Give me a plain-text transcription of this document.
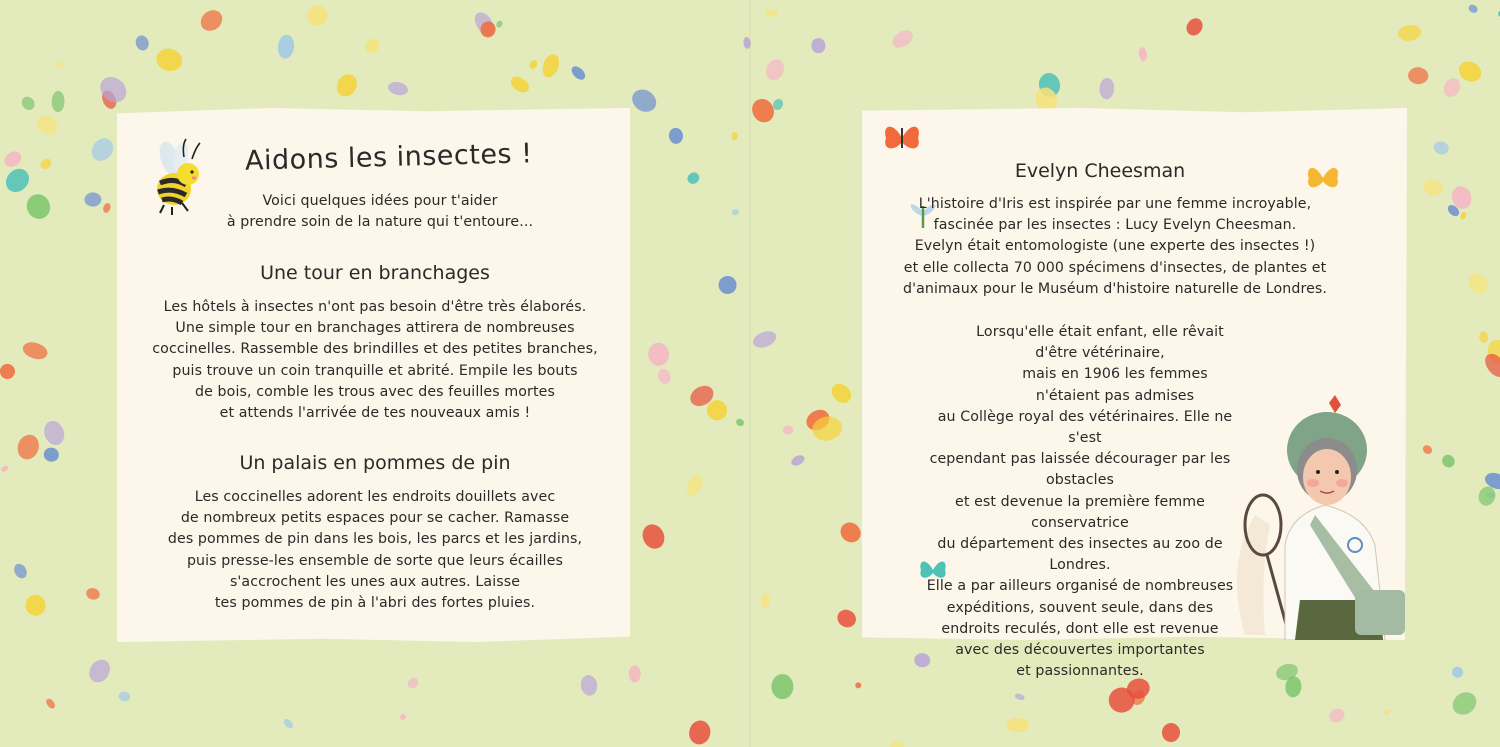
Aidons les insectes !
Voici quelques idées pour t'aider
à prendre soin de la nature qui t'entoure...
Une tour en branchages
Les hôtels à insectes n'ont pas besoin d'être très élaborés.
Une simple tour en branchages attirera de nombreuses
coccinelles. Rassemble des brindilles et des petites branches,
puis trouve un coin tranquille et abrité. Empile les bouts
de bois, comble les trous avec des feuilles mortes
et attends l'arrivée de tes nouveaux amis !
Un palais en pommes de pin
Les coccinelles adorent les endroits douillets avec
de nombreux petits espaces pour se cacher. Ramasse
des pommes de pin dans les bois, les parcs et les jardins,
puis presse-les ensemble de sorte que leurs écailles
s'accrochent les unes aux autres. Laisse
tes pommes de pin à l'abri des fortes pluies.
Evelyn Cheesman
L'histoire d'Iris est inspirée par une femme incroyable,
fascinée par les insectes : Lucy Evelyn Cheesman.
Evelyn était entomologiste (une experte des insectes !)
et elle collecta 70 000 spécimens d'insectes, de plantes et
d'animaux pour le Muséum d'histoire naturelle de Londres.
Lorsqu'elle était enfant, elle rêvait d'être vétérinaire,
mais en 1906 les femmes n'étaient pas admises
au Collège royal des vétérinaires. Elle ne s'est
cependant pas laissée décourager par les obstacles
et est devenue la première femme conservatrice
du département des insectes au zoo de Londres.
Elle a par ailleurs organisé de nombreuses
expéditions, souvent seule, dans des
endroits reculés, dont elle est revenue
avec des découvertes importantes
et passionnantes.
